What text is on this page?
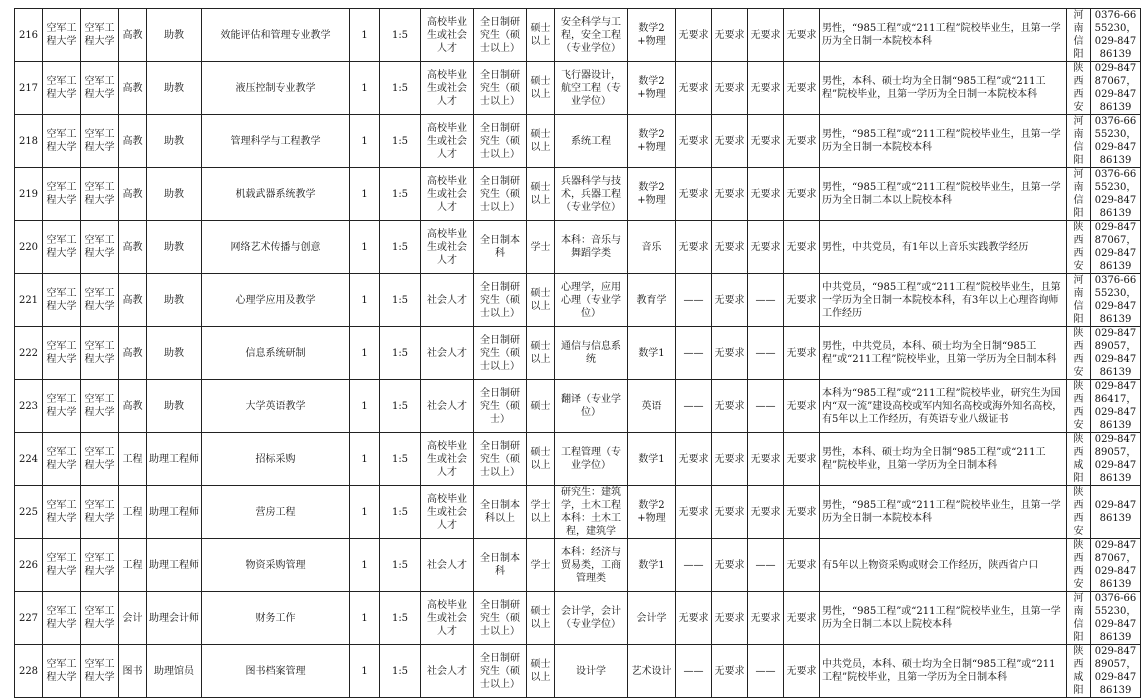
216	空军工程大学	空军工程大学	高教	助教	效能评估和管理专业教学	1	1:5	高校毕业生或社会人才	全日制研究生（硕士以上）	硕士以上	安全科学与工程，安全工程（专业学位）	数学2+物理	无要求	无要求	无要求	无要求	男性，“985工程”或“211工程”院校毕业生，且第一学历为全日制一本院校本科	河南信阳	0376-6655230，029-84786139
217	空军工程大学	空军工程大学	高教	助教	液压控制专业教学	1	1:5	高校毕业生或社会人才	全日制研究生（硕士以上）	硕士以上	飞行器设计，航空工程（专业学位）	数学2+物理	无要求	无要求	无要求	无要求	男性，本科、硕士均为全日制“985工程”或“211工程”院校毕业，且第一学历为全日制一本院校本科	陕西西安	029-84787067，029-84786139
218	空军工程大学	空军工程大学	高教	助教	管理科学与工程教学	1	1:5	高校毕业生或社会人才	全日制研究生（硕士以上）	硕士以上	系统工程	数学2+物理	无要求	无要求	无要求	无要求	男性，“985工程”或“211工程”院校毕业生，且第一学历为全日制一本院校本科	河南信阳	0376-6655230，029-84786139
219	空军工程大学	空军工程大学	高教	助教	机载武器系统教学	1	1:5	高校毕业生或社会人才	全日制研究生（硕士以上）	硕士以上	兵器科学与技术，兵器工程（专业学位）	数学2+物理	无要求	无要求	无要求	无要求	男性，“985工程”或“211工程”院校毕业生，且第一学历为全日制二本以上院校本科	河南信阳	0376-6655230，029-84786139
220	空军工程大学	空军工程大学	高教	助教	网络艺术传播与创意	1	1:5	高校毕业生或社会人才	全日制本科	学士	本科：音乐与舞蹈学类	音乐	无要求	无要求	无要求	无要求	男性，中共党员，有1年以上音乐实践教学经历	陕西西安	029-84787067，029-84786139
221	空军工程大学	空军工程大学	高教	助教	心理学应用及教学	1	1:5	社会人才	全日制研究生（硕士以上）	硕士以上	心理学，应用心理（专业学位）	教育学	——	无要求	——	无要求	中共党员，“985工程”或“211工程”院校毕业生，且第一学历为全日制一本院校本科，有3年以上心理咨询师工作经历	河南信阳	0376-6655230，029-84786139
222	空军工程大学	空军工程大学	高教	助教	信息系统研制	1	1:5	社会人才	全日制研究生（硕士以上）	硕士以上	通信与信息系统	数学1	——	无要求	——	无要求	男性，中共党员，本科、硕士均为全日制“985工程”或“211工程”院校毕业，且第一学历为全日制本科	陕西西安	029-84789057，029-84786139
223	空军工程大学	空军工程大学	高教	助教	大学英语教学	1	1:5	社会人才	全日制研究生（硕士）	硕士	翻译（专业学位）	英语	——	无要求	——	无要求	本科为“985工程”或“211工程”院校毕业，研究生为国内“双一流”建设高校或军内知名高校或海外知名高校，有5年以上工作经历，有英语专业八级证书	陕西西安	029-84786417，029-84786139
224	空军工程大学	空军工程大学	工程	助理工程师	招标采购	1	1:5	高校毕业生或社会人才	全日制研究生（硕士以上）	硕士以上	工程管理（专业学位）	数学1	无要求	无要求	无要求	无要求	男性，本科、硕士均为全日制“985工程”或“211工程”院校毕业，且第一学历为全日制本科	陕西咸阳	029-84789057，029-84786139
225	空军工程大学	空军工程大学	工程	助理工程师	营房工程	1	1:5	高校毕业生或社会人才	全日制本科以上	学士以上	研究生：建筑学，土木工程本科：土木工程，建筑学	数学2+物理	无要求	无要求	无要求	无要求	男性，“985工程”或“211工程”院校毕业生，且第一学历为全日制一本院校本科	陕西西安	029-84786139
226	空军工程大学	空军工程大学	工程	助理工程师	物资采购管理	1	1:5	社会人才	全日制本科	学士	本科：经济与贸易类，工商管理类	数学1	——	无要求	——	无要求	有5年以上物资采购或财会工作经历，陕西省户口	陕西西安	029-84787067，029-84786139
227	空军工程大学	空军工程大学	会计	助理会计师	财务工作	1	1:5	高校毕业生或社会人才	全日制研究生（硕士以上）	硕士以上	会计学，会计（专业学位）	会计学	无要求	无要求	无要求	无要求	男性，“985工程”或“211工程”院校毕业生，且第一学历为全日制二本以上院校本科	河南信阳	0376-6655230，029-84786139
228	空军工程大学	空军工程大学	图书	助理馆员	图书档案管理	1	1:5	社会人才	全日制研究生（硕士以上）	硕士以上	设计学	艺术设计	——	无要求	——	无要求	中共党员，本科、硕士均为全日制“985工程”或“211工程”院校毕业，且第一学历为全日制本科	陕西咸阳	029-84789057，029-84786139
